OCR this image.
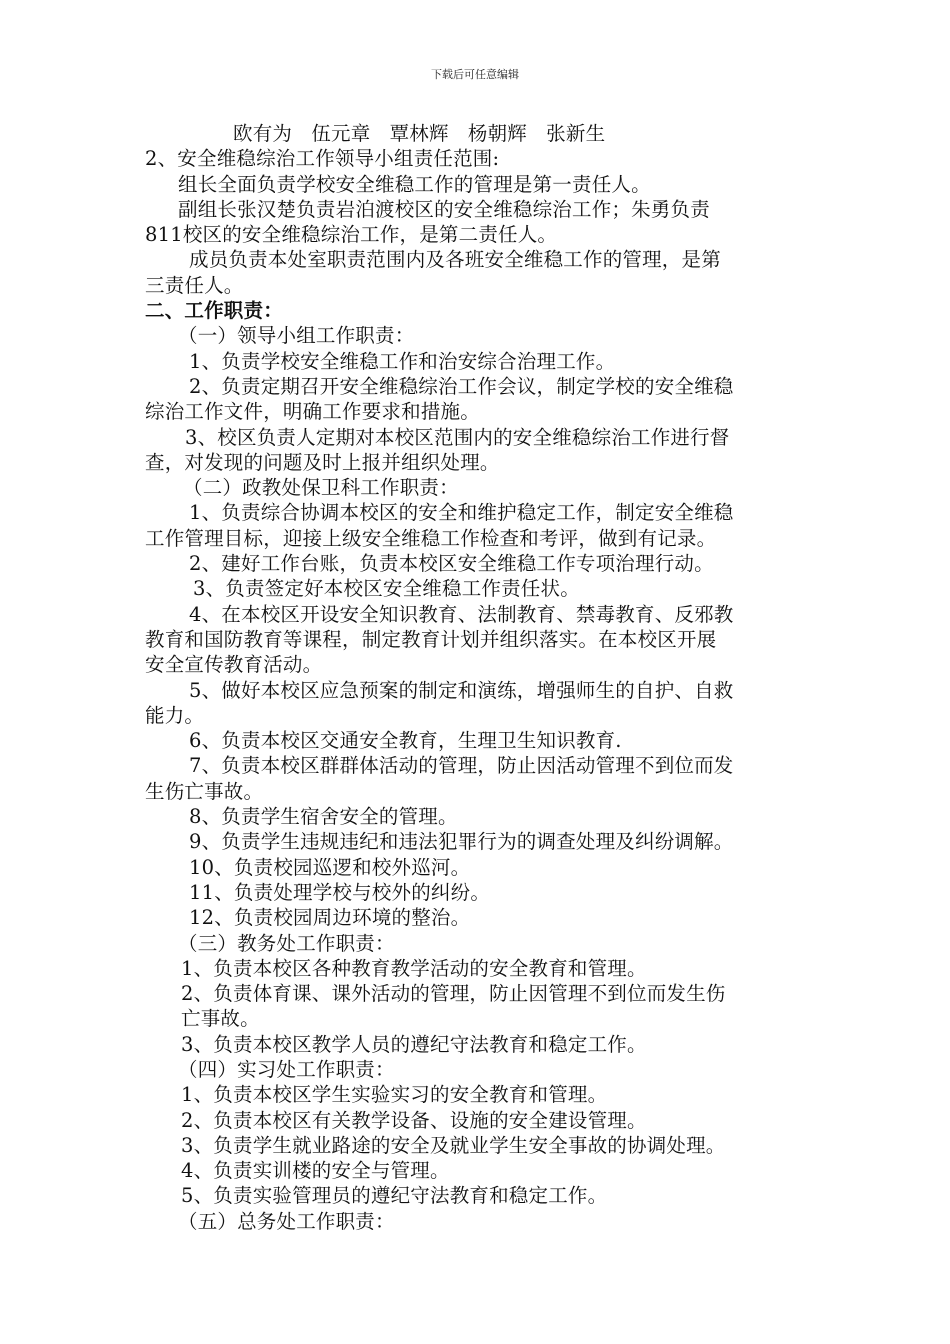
下载后可任意编辑
欧有为   伍元章   覃林辉   杨朝辉   张新生
2、安全维稳综治工作领导小组责任范围:
组长全面负责学校安全维稳工作的管理是第一责任人。
副组长张汉楚负责岩泊渡校区的安全维稳综治工作；朱勇负责
811校区的安全维稳综治工作，是第二责任人。
成员负责本处室职责范围内及各班安全维稳工作的管理，是第
三责任人。
二、工作职责：
（一）领导小组工作职责：
1、负责学校安全维稳工作和治安综合治理工作。
2、负责定期召开安全维稳综治工作会议，制定学校的安全维稳
综治工作文件，明确工作要求和措施。
3、校区负责人定期对本校区范围内的安全维稳综治工作进行督
查，对发现的问题及时上报并组织处理。
（二）政教处保卫科工作职责：
1、负责综合协调本校区的安全和维护稳定工作，制定安全维稳
工作管理目标，迎接上级安全维稳工作检查和考评，做到有记录。
2、建好工作台账，负责本校区安全维稳工作专项治理行动。
3、负责签定好本校区安全维稳工作责任状。
4、在本校区开设安全知识教育、法制教育、禁毒教育、反邪教
教育和国防教育等课程，制定教育计划并组织落实。在本校区开展
安全宣传教育活动。
5、做好本校区应急预案的制定和演练，增强师生的自护、自救
能力。
6、负责本校区交通安全教育，生理卫生知识教育.
7、负责本校区群群体活动的管理，防止因活动管理不到位而发
生伤亡事故。
8、负责学生宿舍安全的管理。
9、负责学生违规违纪和违法犯罪行为的调查处理及纠纷调解。
10、负责校园巡逻和校外巡河。
11、负责处理学校与校外的纠纷。
12、负责校园周边环境的整治。
（三）教务处工作职责：
1、负责本校区各种教育教学活动的安全教育和管理。
2、负责体育课、课外活动的管理，防止因管理不到位而发生伤
亡事故。
3、负责本校区教学人员的遵纪守法教育和稳定工作。
（四）实习处工作职责：
1、负责本校区学生实验实习的安全教育和管理。
2、负责本校区有关教学设备、设施的安全建设管理。
3、负责学生就业路途的安全及就业学生安全事故的协调处理。
4、负责实训楼的安全与管理。
5、负责实验管理员的遵纪守法教育和稳定工作。
（五）总务处工作职责：
